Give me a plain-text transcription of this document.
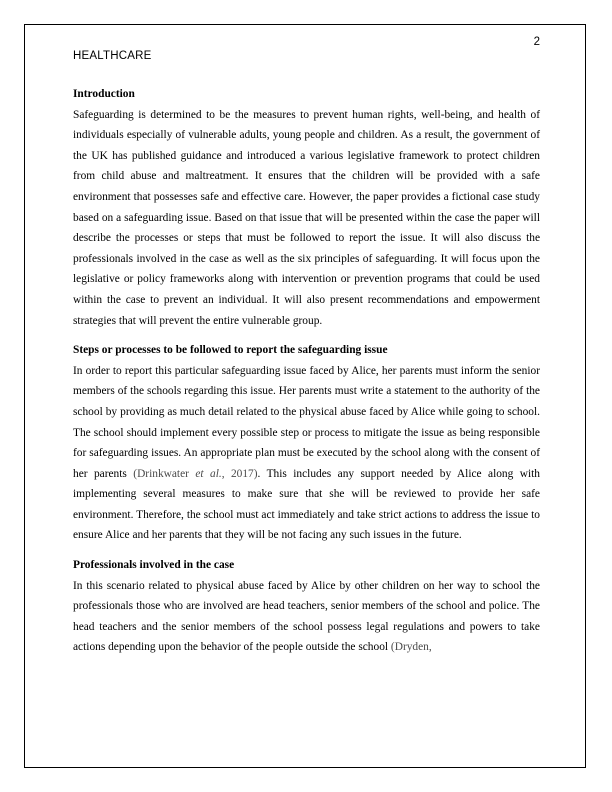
2
HEALTHCARE

Introduction

Safeguarding is determined to be the measures to prevent human rights, well-being, and health of individuals especially of vulnerable adults, young people and children. As a result, the government of the UK has published guidance and introduced a various legislative framework to protect children from child abuse and maltreatment. It ensures that the children will be provided with a safe environment that possesses safe and effective care. However, the paper provides a fictional case study based on a safeguarding issue. Based on that issue that will be presented within the case the paper will describe the processes or steps that must be followed to report the issue. It will also discuss the professionals involved in the case as well as the six principles of safeguarding. It will focus upon the legislative or policy frameworks along with intervention or prevention programs that could be used within the case to prevent an individual. It will also present recommendations and empowerment strategies that will prevent the entire vulnerable group.

Steps or processes to be followed to report the safeguarding issue

In order to report this particular safeguarding issue faced by Alice, her parents must inform the senior members of the schools regarding this issue. Her parents must write a statement to the authority of the school by providing as much detail related to the physical abuse faced by Alice while going to school. The school should implement every possible step or process to mitigate the issue as being responsible for safeguarding issues. An appropriate plan must be executed by the school along with the consent of her parents (Drinkwater et al., 2017). This includes any support needed by Alice along with implementing several measures to make sure that she will be reviewed to provide her safe environment. Therefore, the school must act immediately and take strict actions to address the issue to ensure Alice and her parents that they will be not facing any such issues in the future.

Professionals involved in the case

In this scenario related to physical abuse faced by Alice by other children on her way to school the professionals those who are involved are head teachers, senior members of the school and police. The head teachers and the senior members of the school possess legal regulations and powers to take actions depending upon the behavior of the people outside the school (Dryden,
